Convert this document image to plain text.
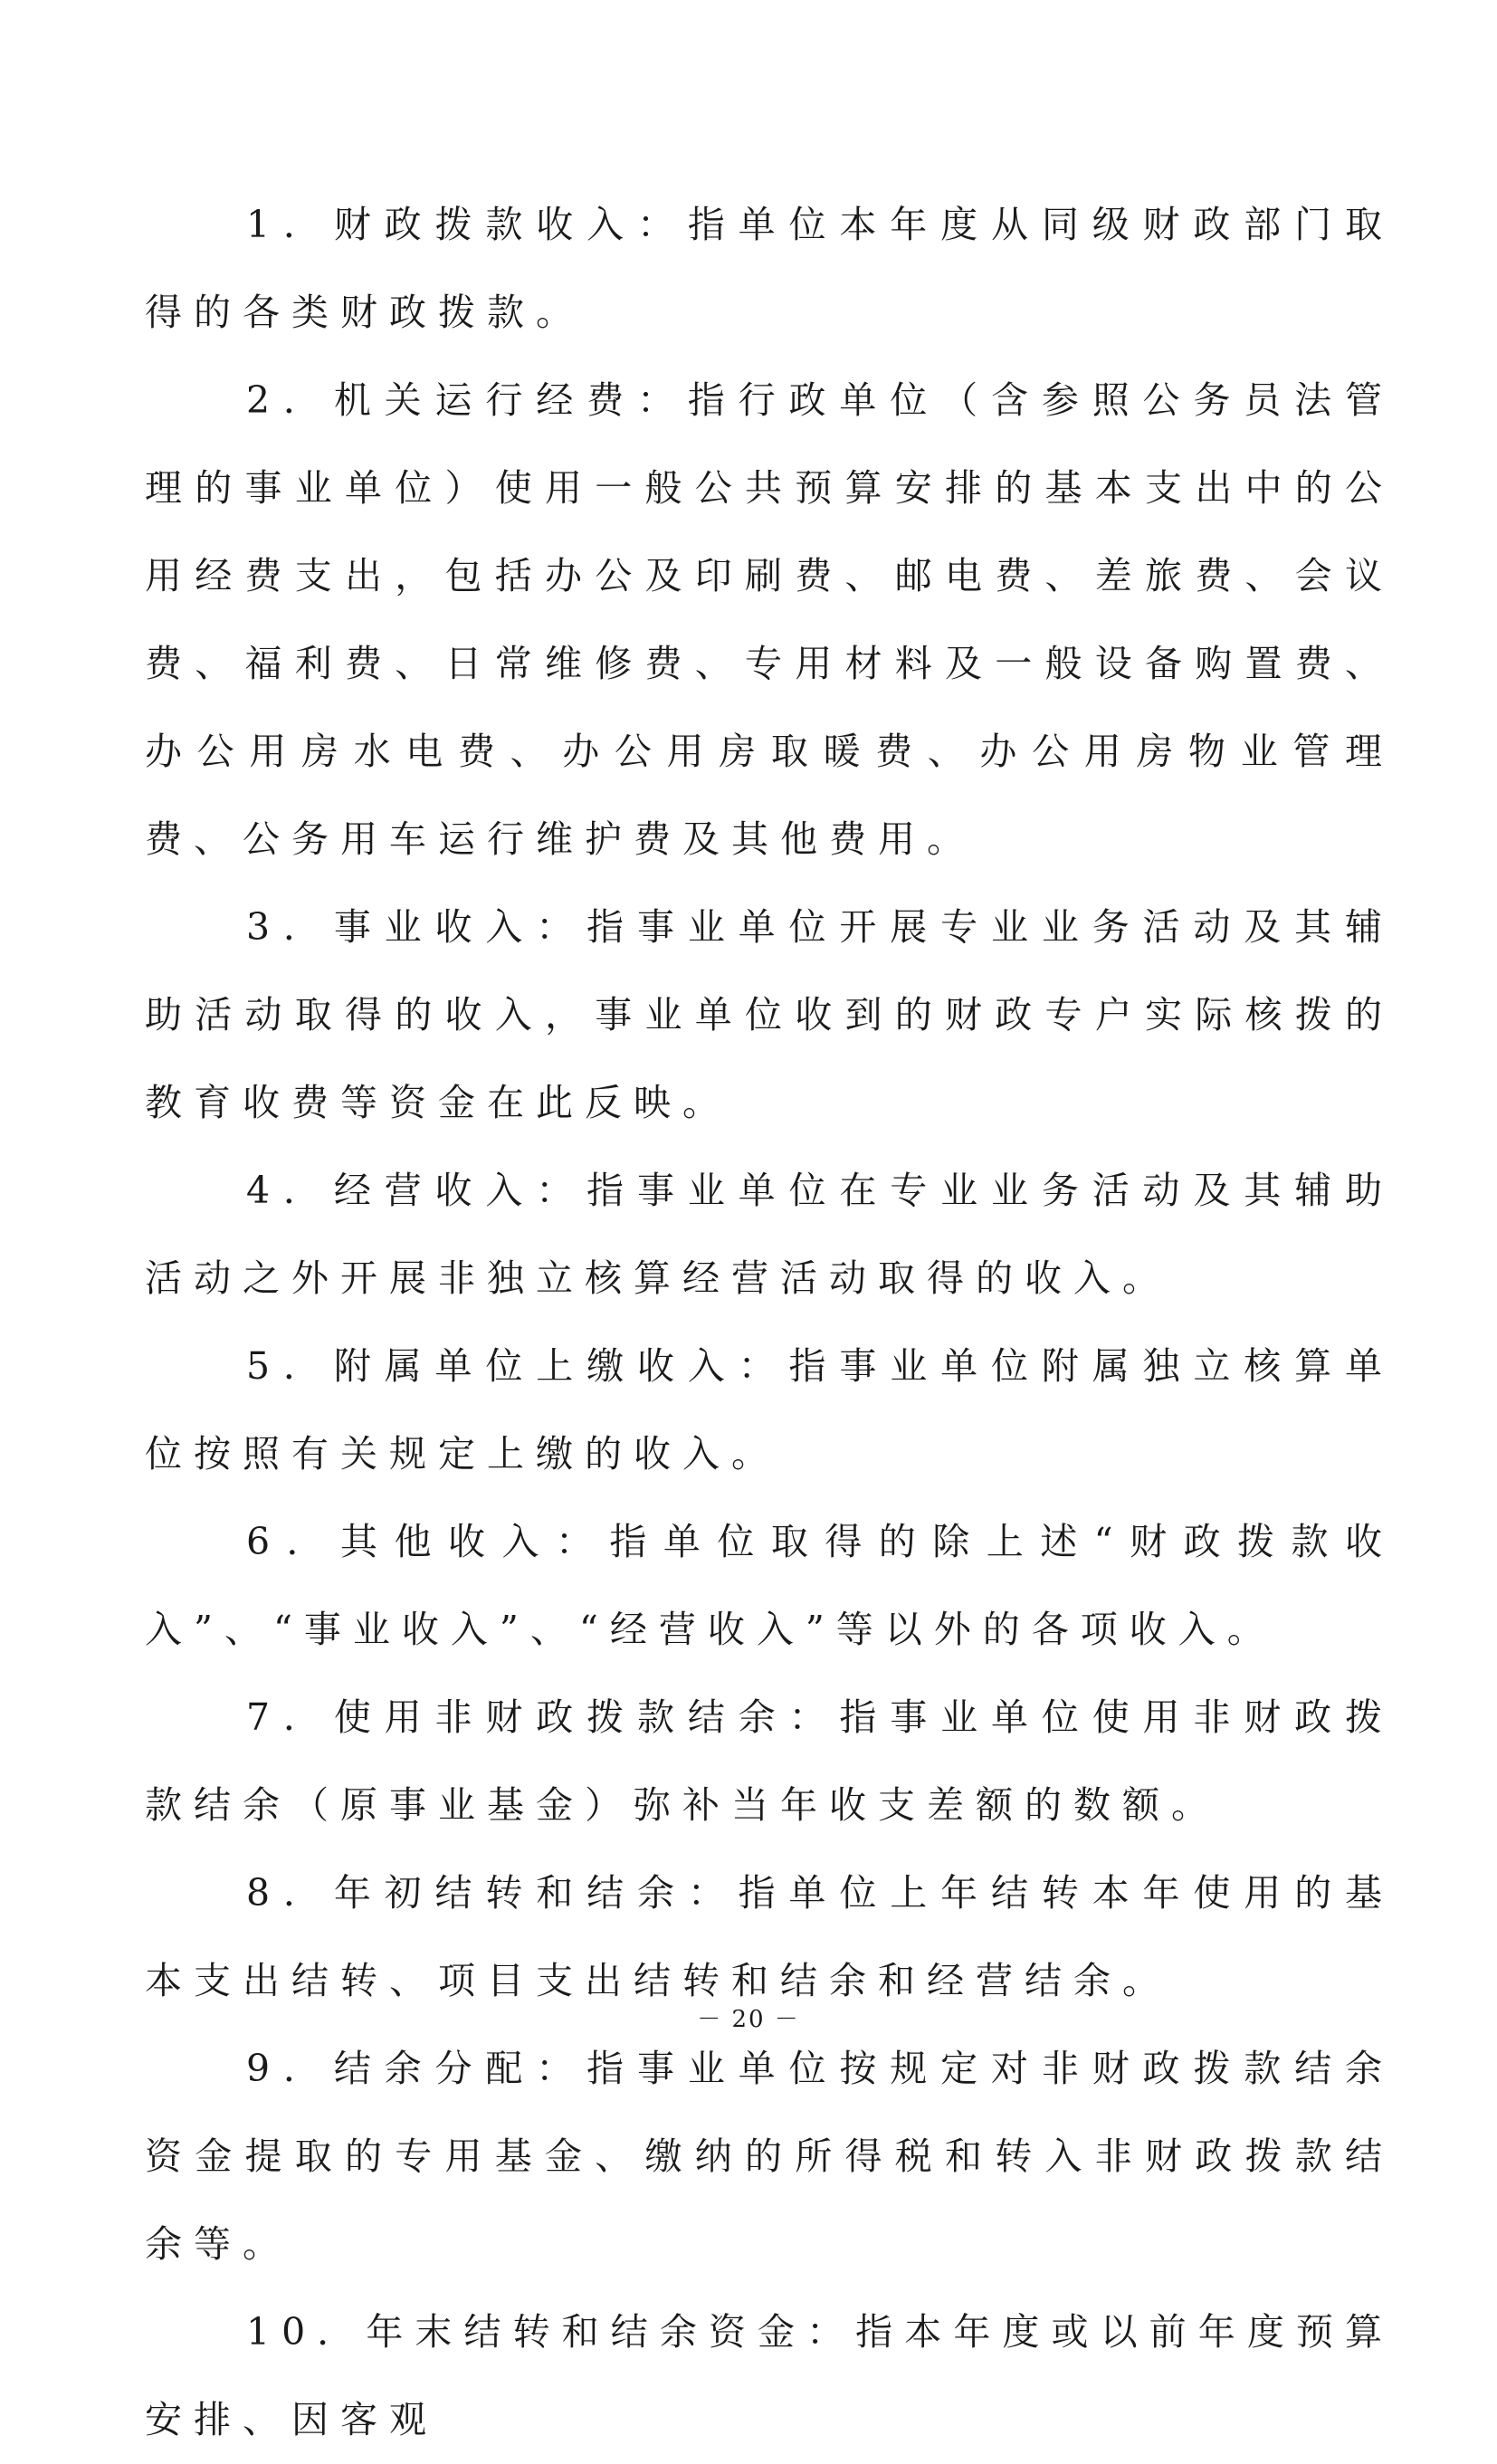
1．财政拨款收入：指单位本年度从同级财政部门取得的各类财政拨款。

2．机关运行经费：指行政单位（含参照公务员法管理的事业单位）使用一般公共预算安排的基本支出中的公用经费支出，包括办公及印刷费、邮电费、差旅费、会议费、福利费、日常维修费、专用材料及一般设备购置费、办公用房水电费、办公用房取暖费、办公用房物业管理费、公务用车运行维护费及其他费用。

3．事业收入：指事业单位开展专业业务活动及其辅助活动取得的收入，事业单位收到的财政专户实际核拨的教育收费等资金在此反映。

4．经营收入：指事业单位在专业业务活动及其辅助活动之外开展非独立核算经营活动取得的收入。

5．附属单位上缴收入：指事业单位附属独立核算单位按照有关规定上缴的收入。

6．其他收入：指单位取得的除上述“财政拨款收入”、“事业收入”、“经营收入”等以外的各项收入。

7．使用非财政拨款结余：指事业单位使用非财政拨款结余（原事业基金）弥补当年收支差额的数额。

8．年初结转和结余：指单位上年结转本年使用的基本支出结转、项目支出结转和结余和经营结余。

9．结余分配：指事业单位按规定对非财政拨款结余资金提取的专用基金、缴纳的所得税和转入非财政拨款结余等。

10．年末结转和结余资金：指本年度或以前年度预算安排、因客观

－ 20 －
